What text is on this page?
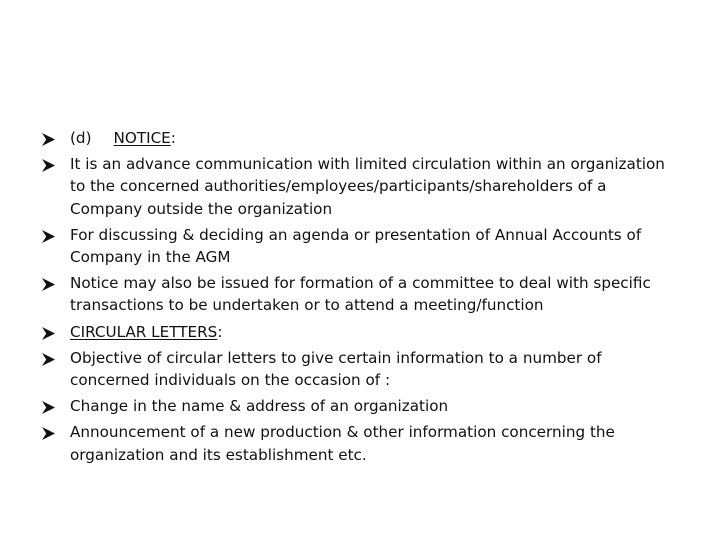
(d) NOTICE:
It is an advance communication with limited circulation within an organization to the concerned authorities/employees/participants/shareholders of a Company outside the organization
For discussing & deciding an agenda or presentation of Annual Accounts of Company in the AGM
Notice may also be issued for formation of a committee to deal with specific transactions to be undertaken or to attend a meeting/function
CIRCULAR LETTERS:
Objective of circular letters to give certain information to a number of concerned individuals on the occasion of :
Change in the name & address of an organization
Announcement of a new production & other information concerning the organization and its establishment etc.
